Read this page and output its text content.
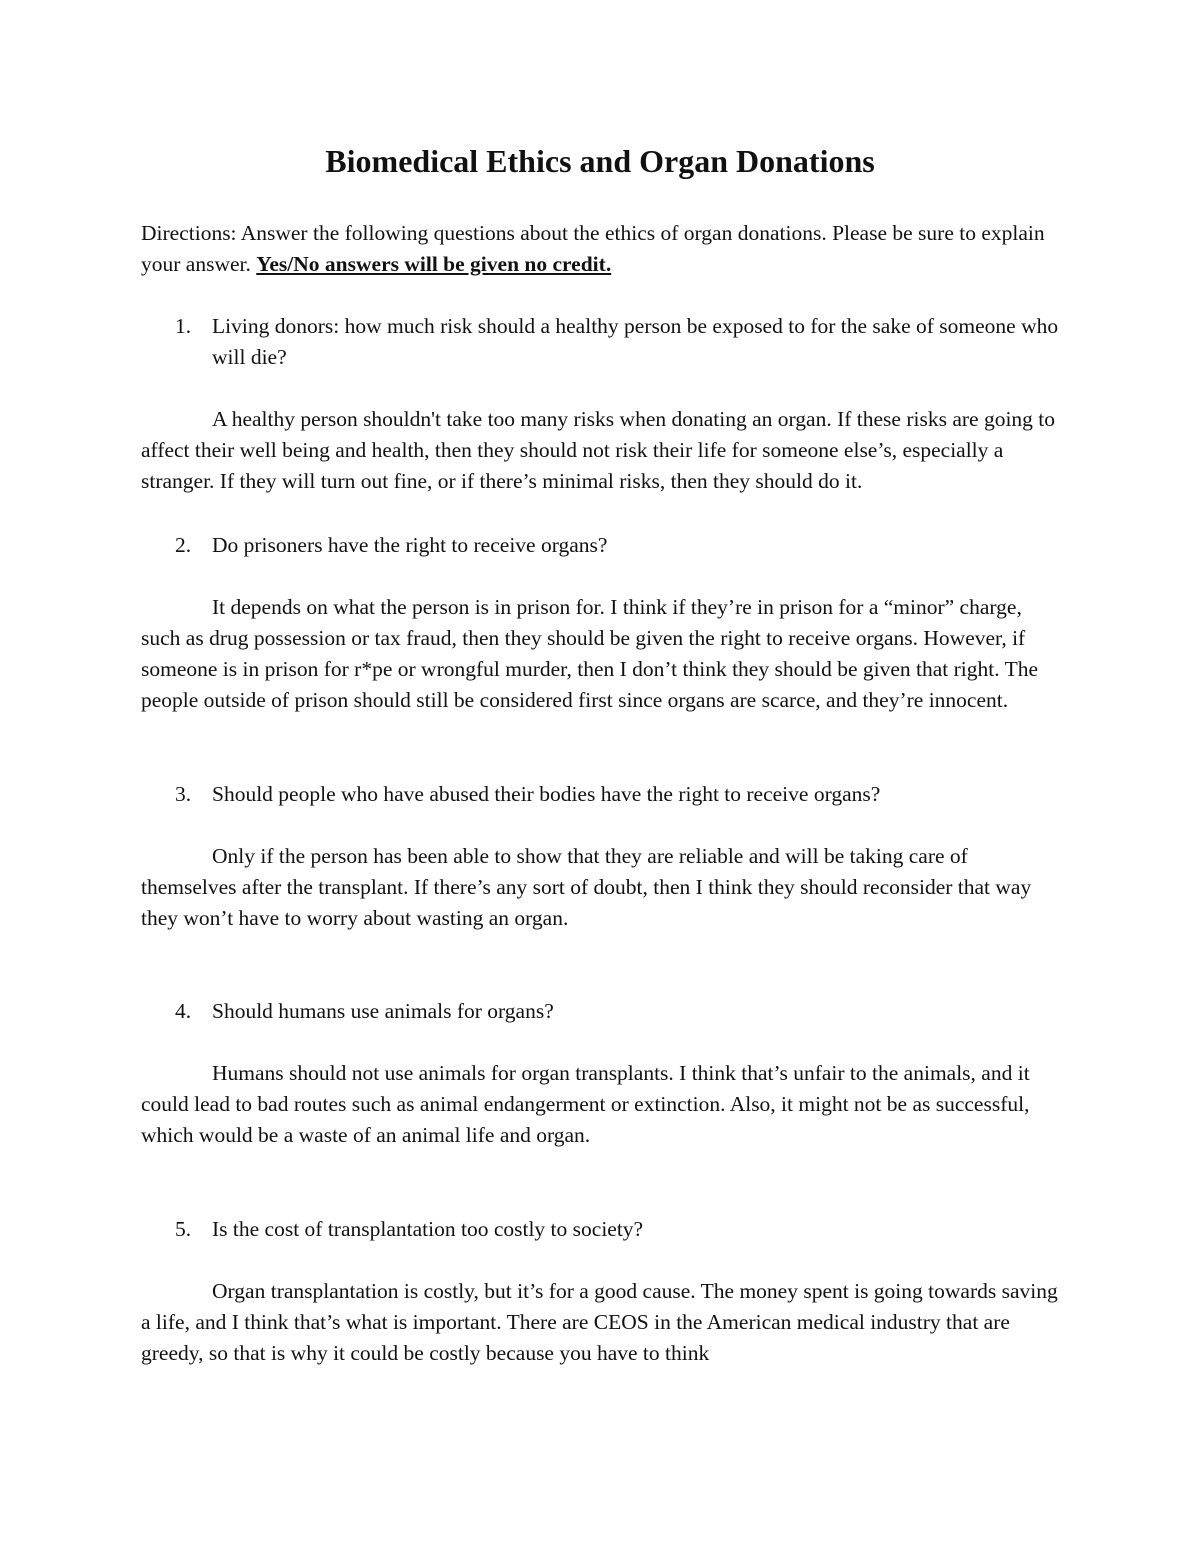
Biomedical Ethics and Organ Donations

Directions: Answer the following questions about the ethics of organ donations. Please be sure to explain your answer. Yes/No answers will be given no credit.

1. Living donors: how much risk should a healthy person be exposed to for the sake of someone who will die?

A healthy person shouldn't take too many risks when donating an organ. If these risks are going to affect their well being and health, then they should not risk their life for someone else’s, especially a stranger. If they will turn out fine, or if there’s minimal risks, then they should do it.

2. Do prisoners have the right to receive organs?

It depends on what the person is in prison for. I think if they’re in prison for a “minor” charge, such as drug possession or tax fraud, then they should be given the right to receive organs. However, if someone is in prison for r*pe or wrongful murder, then I don’t think they should be given that right. The people outside of prison should still be considered first since organs are scarce, and they’re innocent.

3. Should people who have abused their bodies have the right to receive organs?

Only if the person has been able to show that they are reliable and will be taking care of themselves after the transplant. If there’s any sort of doubt, then I think they should reconsider that way they won’t have to worry about wasting an organ.

4. Should humans use animals for organs?

Humans should not use animals for organ transplants. I think that’s unfair to the animals, and it could lead to bad routes such as animal endangerment or extinction. Also, it might not be as successful, which would be a waste of an animal life and organ.

5. Is the cost of transplantation too costly to society?

Organ transplantation is costly, but it’s for a good cause. The money spent is going towards saving a life, and I think that’s what is important. There are CEOS in the American medical industry that are greedy, so that is why it could be costly because you have to think
